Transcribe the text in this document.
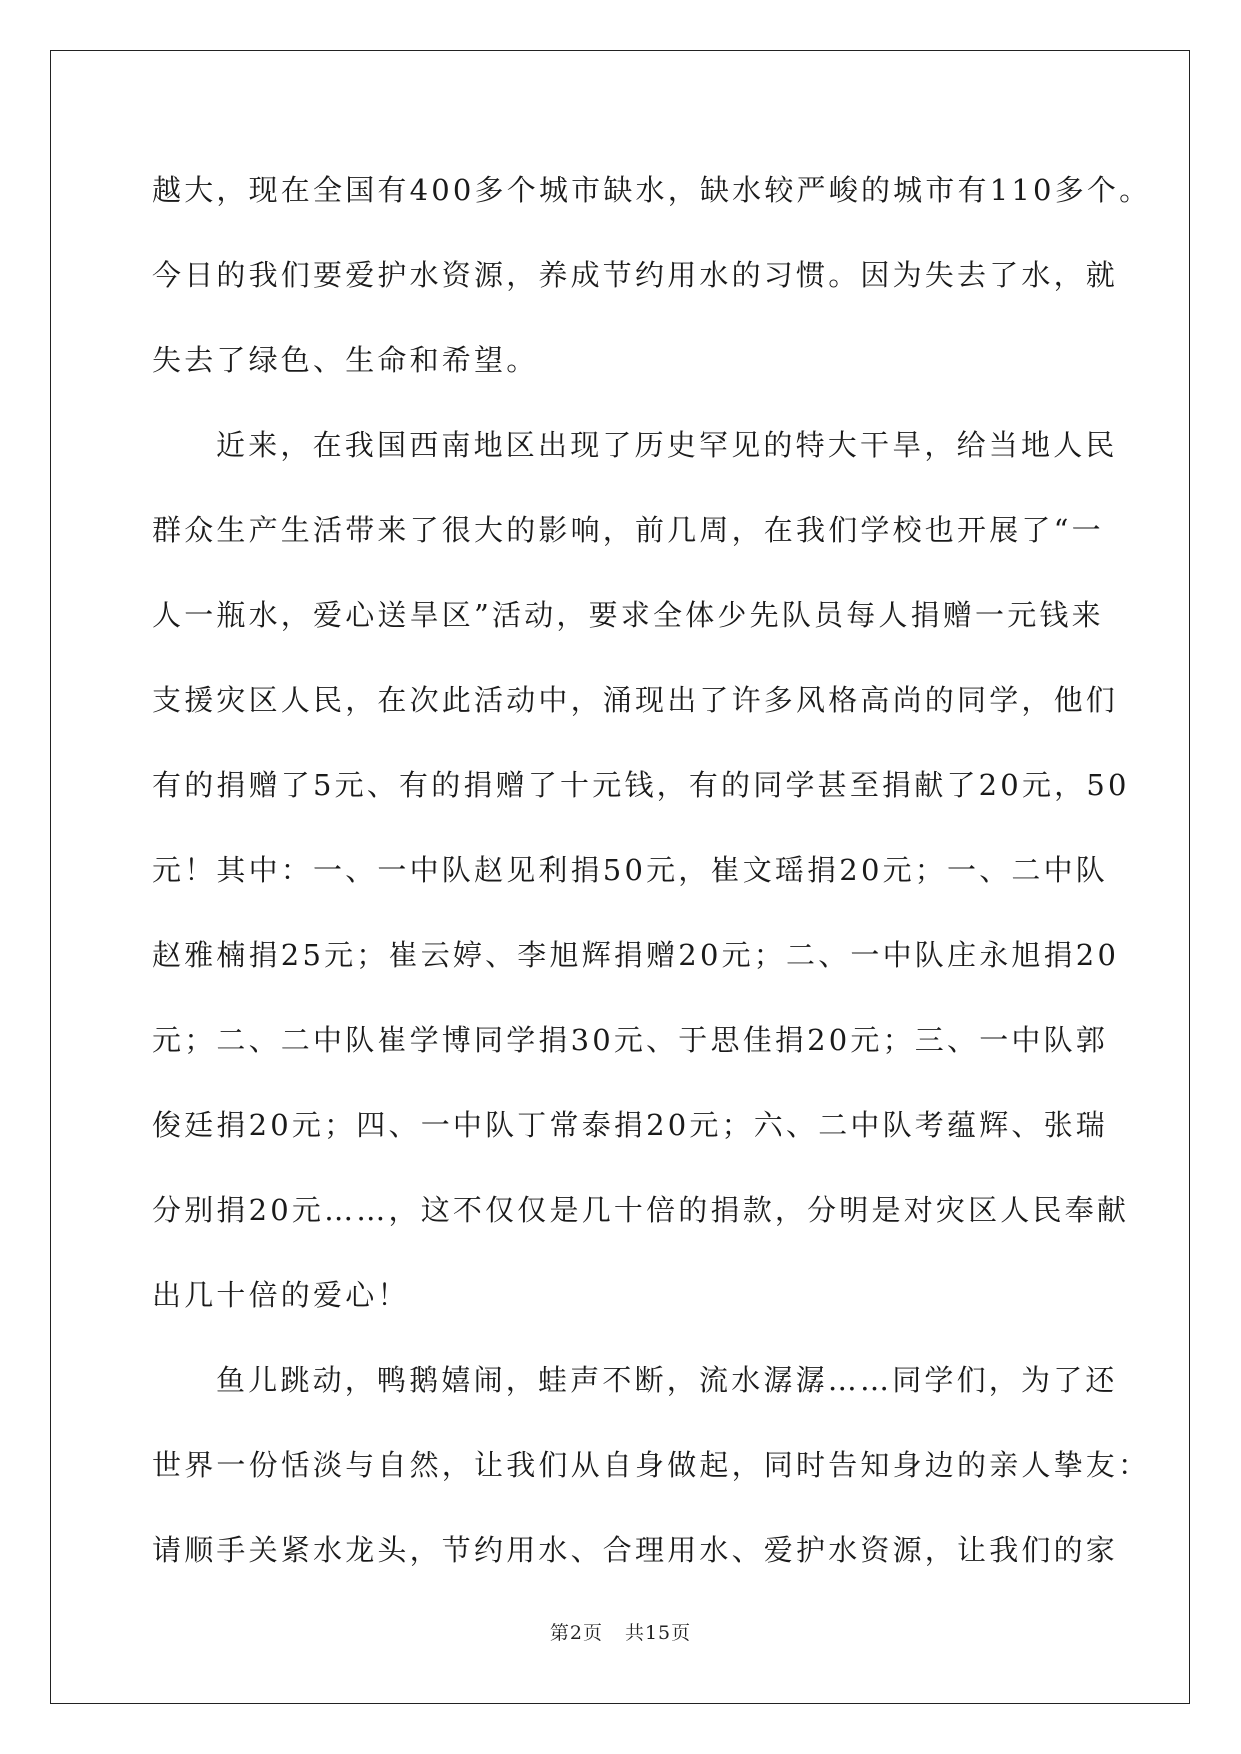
越大，现在全国有400多个城市缺水，缺水较严峻的城市有110多个。
今日的我们要爱护水资源，养成节约用水的习惯。因为失去了水，就
失去了绿色、生命和希望。
近来，在我国西南地区出现了历史罕见的特大干旱，给当地人民
群众生产生活带来了很大的影响，前几周，在我们学校也开展了“一
人一瓶水，爱心送旱区”活动，要求全体少先队员每人捐赠一元钱来
支援灾区人民，在次此活动中，涌现出了许多风格高尚的同学，他们
有的捐赠了5元、有的捐赠了十元钱，有的同学甚至捐献了20元，50
元！其中：一、一中队赵见利捐50元，崔文瑶捐20元；一、二中队
赵雅楠捐25元；崔云婷、李旭辉捐赠20元；二、一中队庄永旭捐20
元；二、二中队崔学博同学捐30元、于思佳捐20元；三、一中队郭
俊廷捐20元；四、一中队丁常泰捐20元；六、二中队考蕴辉、张瑞
分别捐20元……，这不仅仅是几十倍的捐款，分明是对灾区人民奉献
出几十倍的爱心！
鱼儿跳动，鸭鹅嬉闹，蛙声不断，流水潺潺……同学们，为了还
世界一份恬淡与自然，让我们从自身做起，同时告知身边的亲人挚友：
请顺手关紧水龙头，节约用水、合理用水、爱护水资源，让我们的家
第2页 共15页
